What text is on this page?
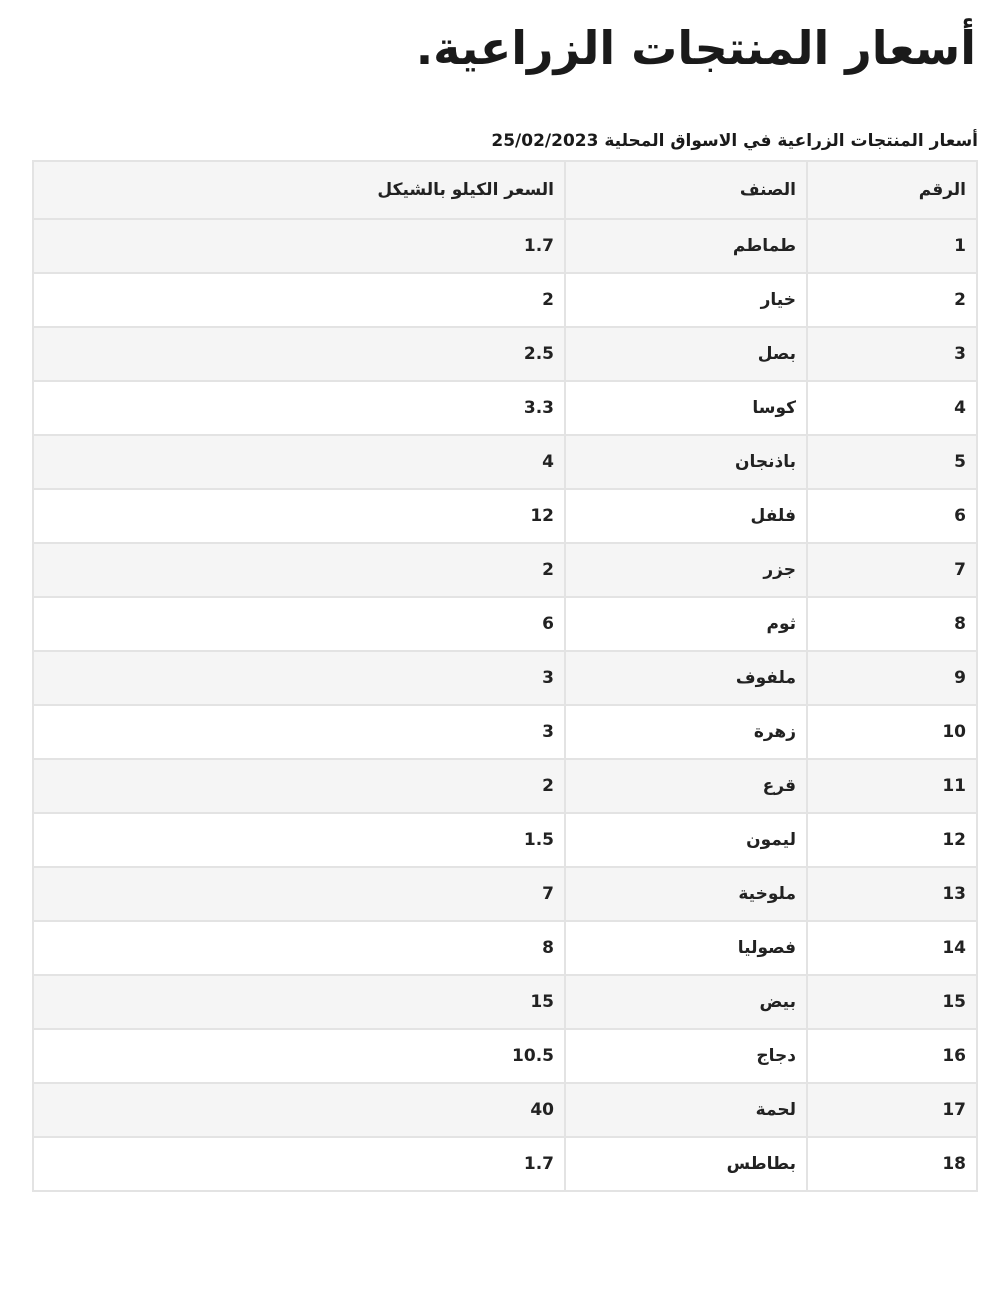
أسعار المنتجات الزراعية.
أسعار المنتجات الزراعية في الاسواق المحلية 25/02/2023
الرقم	الصنف	السعر الكيلو بالشيكل
1	طماطم	1.7
2	خيار	2
3	بصل	2.5
4	كوسا	3.3
5	باذنجان	4
6	فلفل	12
7	جزر	2
8	ثوم	6
9	ملفوف	3
10	زهرة	3
11	قرع	2
12	ليمون	1.5
13	ملوخية	7
14	فصوليا	8
15	بيض	15
16	دجاج	10.5
17	لحمة	40
18	بطاطس	1.7
